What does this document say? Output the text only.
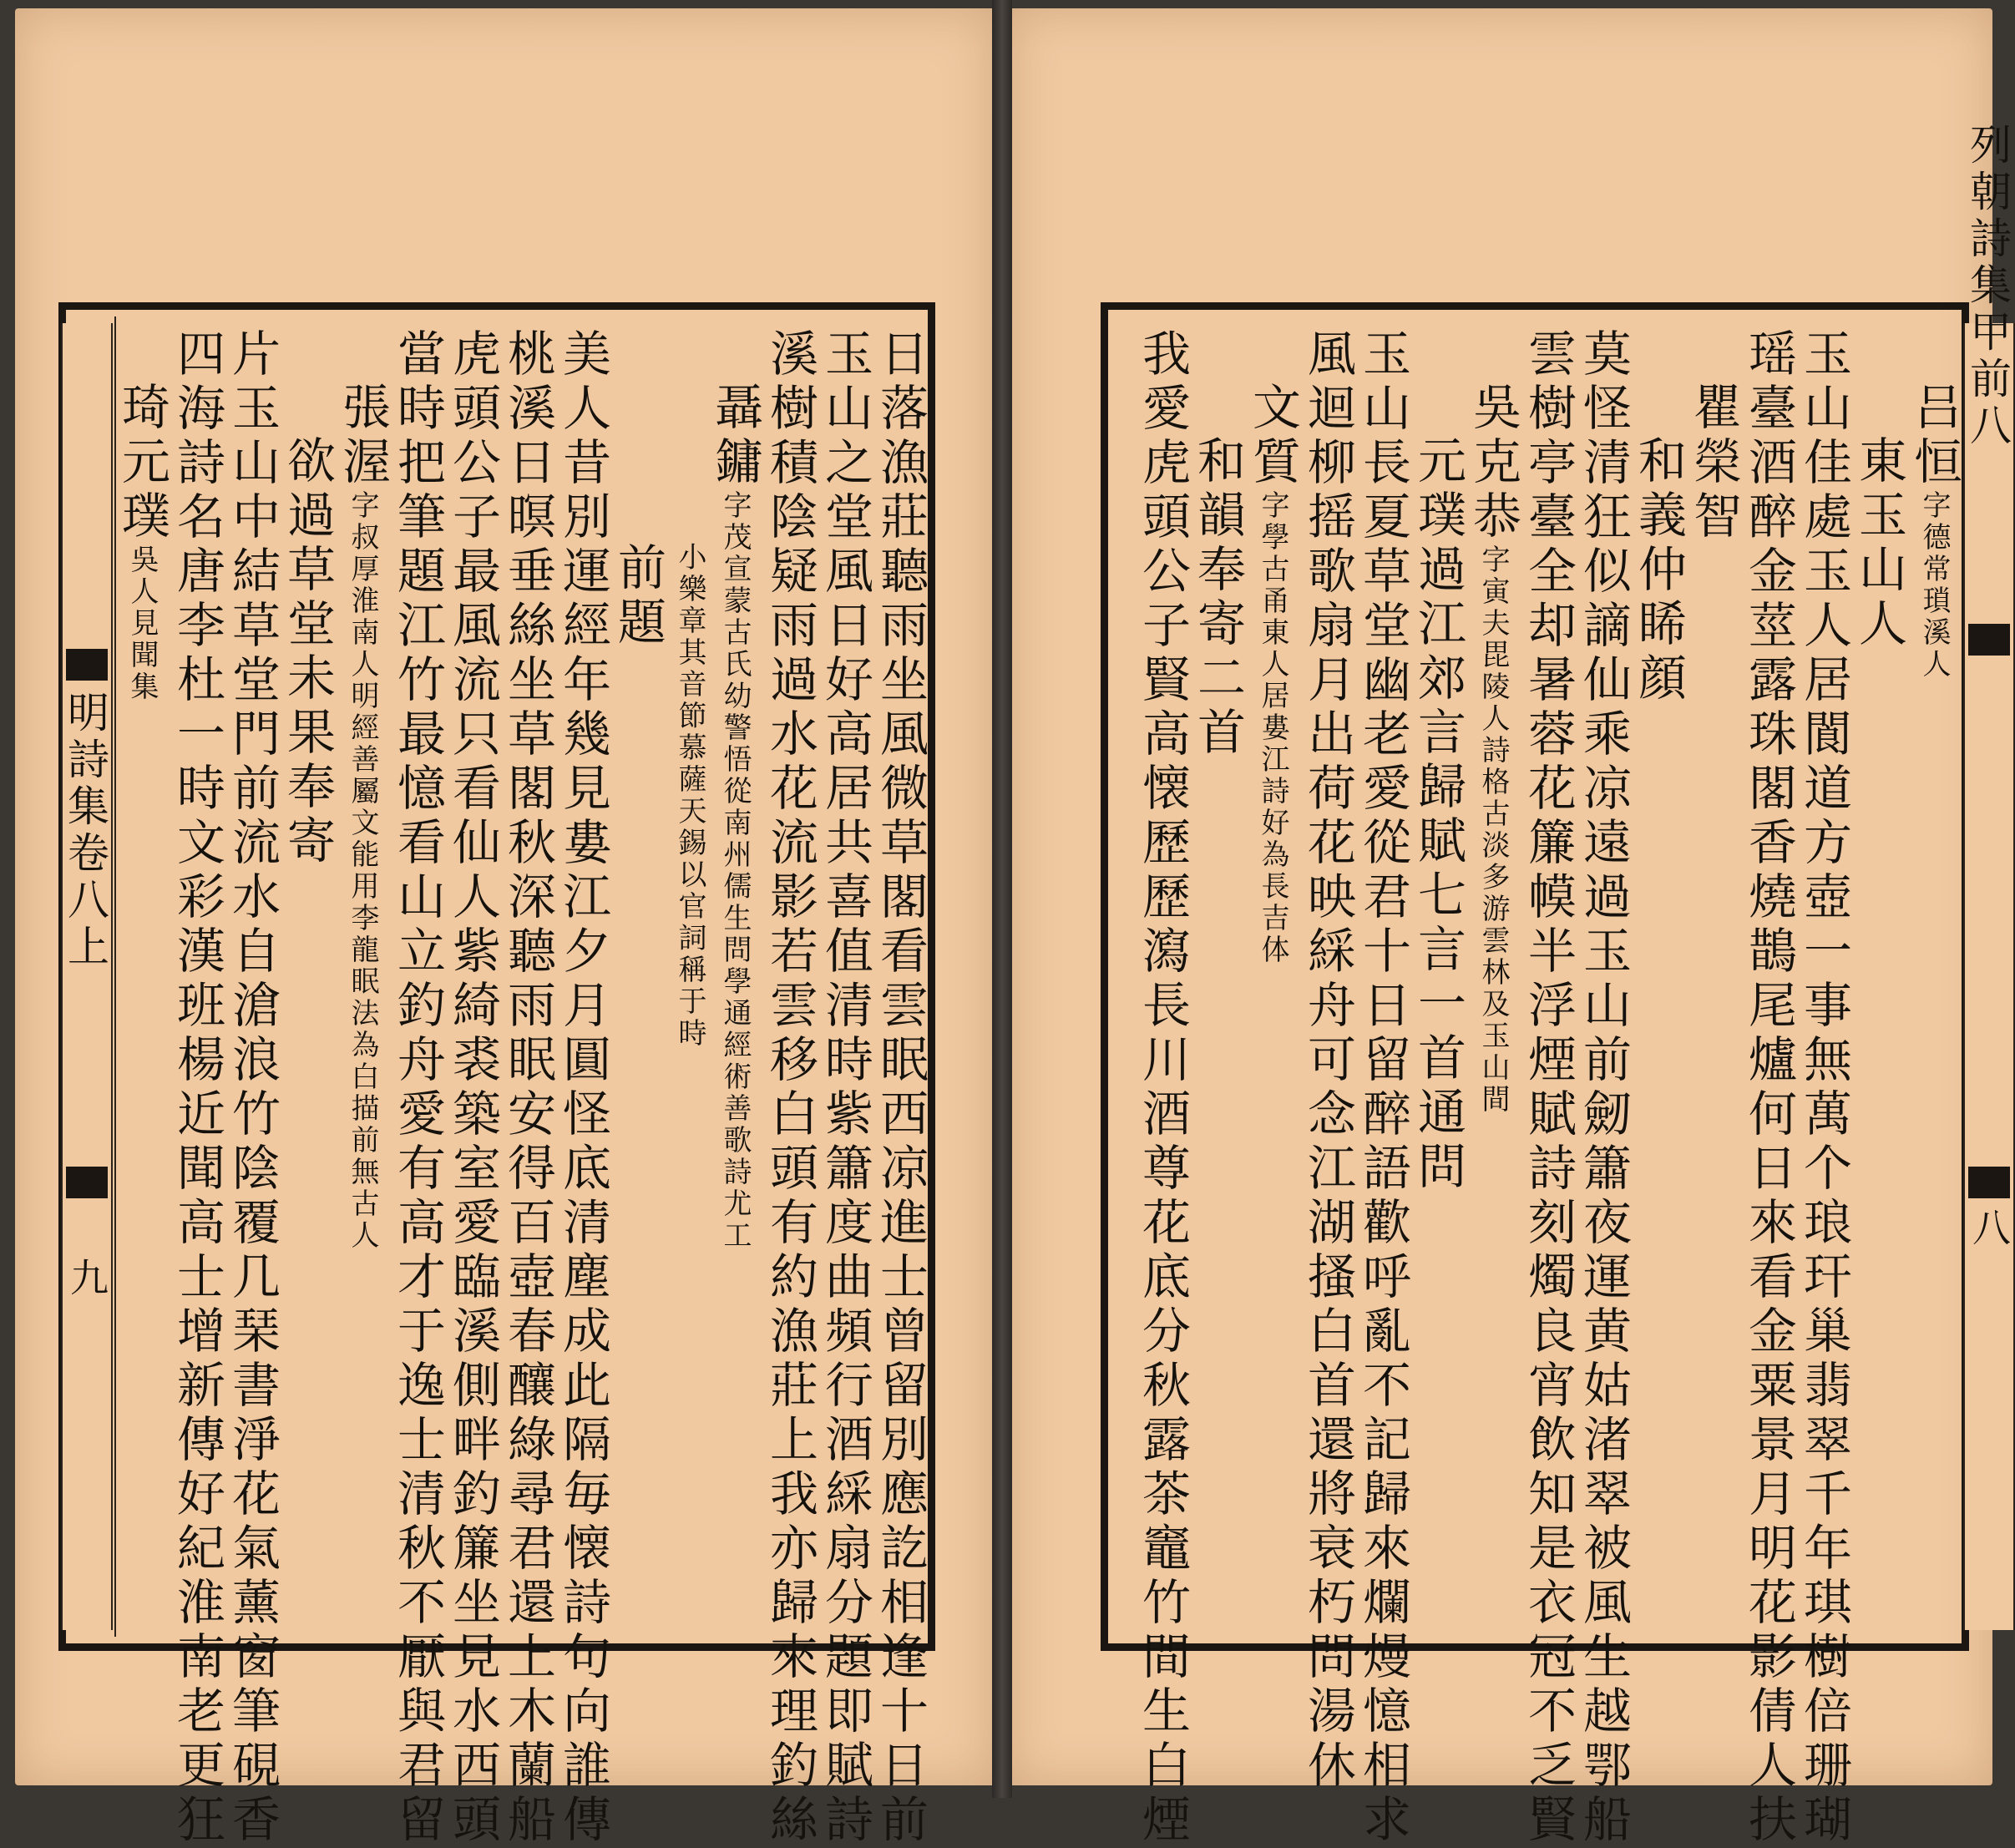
明詩集卷八上
九	日落漁莊聽雨坐風微草閣看雲眠西凉進士曾留別應訖相逢十日前
玉山之堂風日好高居共喜值清時紫簫度曲頻行酒綵扇分題即賦詩
溪樹積陰疑雨過水花流影若雲移白頭有約漁莊上我亦歸來理釣絲
聶鏞字茂宣蒙古氏幼警悟從南州儒生問學通經術善歌詩尤工
小樂章其音節慕薩天錫以官詞稱于時
前題
美人昔別運經年幾見婁江夕月圓怪底清塵成此隔毎懐詩句向誰傳
桃溪日暝垂絲坐草閣秋深聽雨眠安得百壺春釀綠尋君還上木蘭船
虎頭公子最風流只看仙人紫綺裘築室愛臨溪側畔釣簾坐見水西頭
當時把筆題江竹最憶看山立釣舟愛有高才于逸士清秋不厭與君留
張渥字叔厚淮南人明經善屬文能用李龍眠法為白描前無古人
欲過草堂未果奉寄
片玉山中結草堂門前流水自滄浪竹陰覆几琹書淨花氣薰窗筆硯香
四海詩名唐李杜一時文彩漢班楊近聞高士增新傳好紀淮南老更狂
琦元璞吳人見聞集
列朝詩集甲前八
八
吕恒字德常瑣溪人
東玉山人
玉山佳處玉人居閬道方壺一事無萬个琅玕巢翡翠千年琪樹倍珊瑚
瑶臺酒醉金莖露珠閣香燒鵲尾爐何日來看金粟景月明花影倩人扶
瞿榮智
和義仲睎顔
莫怪清狂似謫仙乘凉遠過玉山前劒簫夜運黄姑渚翠被風生越鄂船
雲樹亭臺全却暑蓉花簾幙半浮煙賦詩刻燭良宵飲知是衣冠不乏賢
吳克恭字寅夫毘陵人詩格古淡多游雲林及玉山間
元璞過江郊言歸賦七言一首通問
玉山長夏草堂幽老愛從君十日留醉語歡呼亂不記歸來爛熳憶相求
風迴柳摇歌扇月出荷花映綵舟可念江湖搔白首還將衰朽問湯休
文質字學古甬東人居婁江詩好為長吉体
和韻奉寄二首
我愛虎頭公子賢高懐歷歷瀉長川酒尊花底分秋露茶竈竹間生白煙
